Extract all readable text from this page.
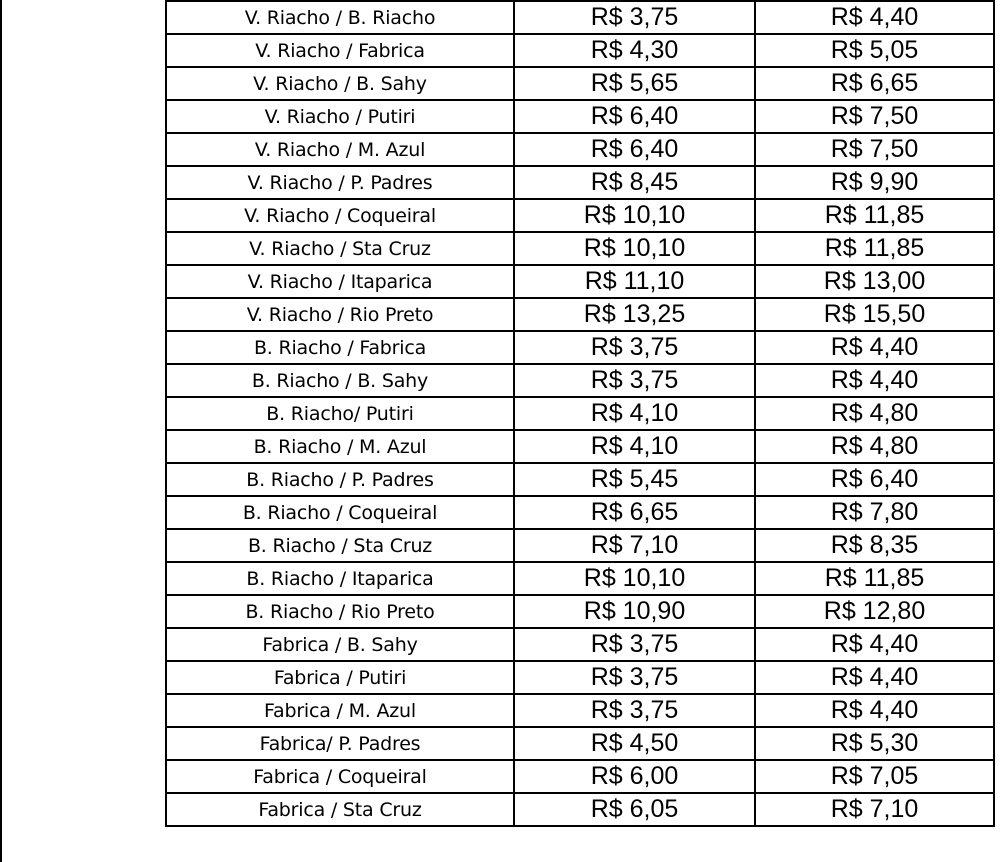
V. Riacho / B. Riacho	R$ 3,75	R$ 4,40
V. Riacho / Fabrica	R$ 4,30	R$ 5,05
V. Riacho / B. Sahy	R$ 5,65	R$ 6,65
V. Riacho / Putiri	R$ 6,40	R$ 7,50
V. Riacho / M. Azul	R$ 6,40	R$ 7,50
V. Riacho / P. Padres	R$ 8,45	R$ 9,90
V. Riacho / Coqueiral	R$ 10,10	R$ 11,85
V. Riacho / Sta Cruz	R$ 10,10	R$ 11,85
V. Riacho / Itaparica	R$ 11,10	R$ 13,00
V. Riacho / Rio Preto	R$ 13,25	R$ 15,50
B. Riacho / Fabrica	R$ 3,75	R$ 4,40
B. Riacho / B. Sahy	R$ 3,75	R$ 4,40
B. Riacho/ Putiri	R$ 4,10	R$ 4,80
B. Riacho / M. Azul	R$ 4,10	R$ 4,80
B. Riacho / P. Padres	R$ 5,45	R$ 6,40
B. Riacho / Coqueiral	R$ 6,65	R$ 7,80
B. Riacho / Sta Cruz	R$ 7,10	R$ 8,35
B. Riacho / Itaparica	R$ 10,10	R$ 11,85
B. Riacho / Rio Preto	R$ 10,90	R$ 12,80
Fabrica / B. Sahy	R$ 3,75	R$ 4,40
Fabrica / Putiri	R$ 3,75	R$ 4,40
Fabrica / M. Azul	R$ 3,75	R$ 4,40
Fabrica/ P. Padres	R$ 4,50	R$ 5,30
Fabrica / Coqueiral	R$ 6,00	R$ 7,05
Fabrica / Sta Cruz	R$ 6,05	R$ 7,10
